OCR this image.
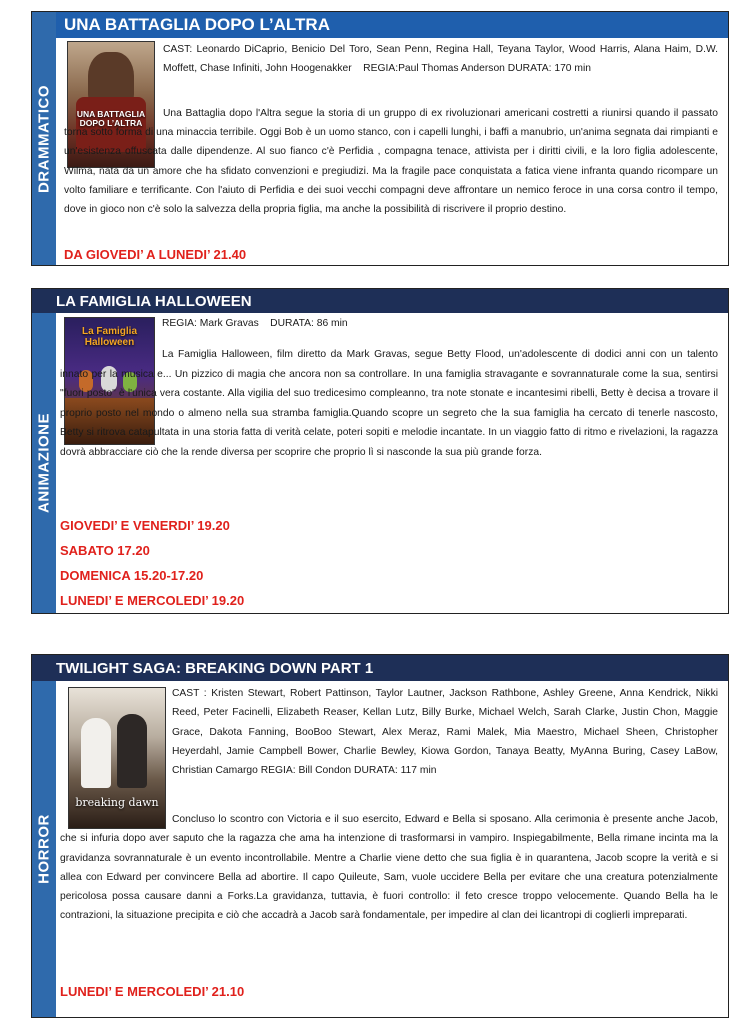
UNA BATTAGLIA DOPO L’ALTRA
DRAMMATICO	UNA BATTAGLIA DOPO L’ALTRA
CAST: Leonardo DiCaprio, Benicio Del Toro, Sean Penn, Regina Hall, Teyana Taylor, Wood Harris, Alana Haim, D.W. Moffett, Chase Infiniti, John Hoogenakker REGIA:Paul Thomas Anderson DURATA: 170 min

Una Battaglia dopo l'Altra segue la storia di un gruppo di ex rivoluzionari americani costretti a riunirsi quando il passato torna sotto forma di una minaccia terribile. Oggi Bob è un uomo stanco, con i capelli lunghi, i baffi a manubrio, un'anima segnata dai rimpianti e un'esistenza offuscata dalle dipendenze. Al suo fianco c'è Perfidia , compagna tenace, attivista per i diritti civili, e la loro figlia adolescente, Wilma, nata da un amore che ha sfidato convenzioni e pregiudizi. Ma la fragile pace conquistata a fatica viene infranta quando ricompare un volto familiare e terrificante. Con l'aiuto di Perfidia e dei suoi vecchi compagni deve affrontare un nemico feroce in una corsa contro il tempo, dove in gioco non c'è solo la salvezza della propria figlia, ma anche la possibilità di riscrivere il proprio destino.

DA GIOVEDI’ A LUNEDI’ 21.40
LA FAMIGLIA HALLOWEEN
ANIMAZIONE
La Famiglia Halloween
REGIA: Mark Gravas DURATA: 86 min

La Famiglia Halloween, film diretto da Mark Gravas, segue Betty Flood, un'adolescente di dodici anni con un talento innato per la musica e... Un pizzico di magia che ancora non sa controllare. In una famiglia stravagante e sovrannaturale come la sua, sentirsi "fuori posto" è l'unica vera costante. Alla vigilia del suo tredicesimo compleanno, tra note stonate e incantesimi ribelli, Betty è decisa a trovare il proprio posto nel mondo o almeno nella sua stramba famiglia.Quando scopre un segreto che la sua famiglia ha cercato di tenerle nascosto, Betty si ritrova catapultata in una storia fatta di verità celate, poteri sopiti e melodie incantate. In un viaggio fatto di ritmo e rivelazioni, la ragazza dovrà abbracciare ciò che la rende diversa per scoprire che proprio lì si nasconde la sua più grande forza.

GIOVEDI’ E VENERDI’ 19.20
SABATO 17.20
DOMENICA 15.20-17.20
LUNEDI’ E MERCOLEDI’ 19.20
TWILIGHT SAGA: BREAKING DOWN PART 1
HORROR
breaking dawn
CAST : Kristen Stewart, Robert Pattinson, Taylor Lautner, Jackson Rathbone, Ashley Greene, Anna Kendrick, Nikki Reed, Peter Facinelli, Elizabeth Reaser, Kellan Lutz, Billy Burke, Michael Welch, Sarah Clarke, Justin Chon, Maggie Grace, Dakota Fanning, BooBoo Stewart, Alex Meraz, Rami Malek, Mia Maestro, Michael Sheen, Christopher Heyerdahl, Jamie Campbell Bower, Charlie Bewley, Kiowa Gordon, Tanaya Beatty, MyAnna Buring, Casey LaBow, Christian Camargo REGIA: Bill Condon DURATA: 117 min

Concluso lo scontro con Victoria e il suo esercito, Edward e Bella si sposano. Alla cerimonia è presente anche Jacob, che si infuria dopo aver saputo che la ragazza che ama ha intenzione di trasformarsi in vampiro. Inspiegabilmente, Bella rimane incinta ma la gravidanza sovrannaturale è un evento incontrollabile. Mentre a Charlie viene detto che sua figlia è in quarantena, Jacob scopre la verità e si allea con Edward per convincere Bella ad abortire. Il capo Quileute, Sam, vuole uccidere Bella per evitare che una creatura potenzialmente pericolosa possa causare danni a Forks.La gravidanza, tuttavia, è fuori controllo: il feto cresce troppo velocemente. Quando Bella ha le contrazioni, la situazione precipita e ciò che accadrà a Jacob sarà fondamentale, per impedire al clan dei licantropi di coglierli impreparati.

LUNEDI’ E MERCOLEDI’ 21.10
